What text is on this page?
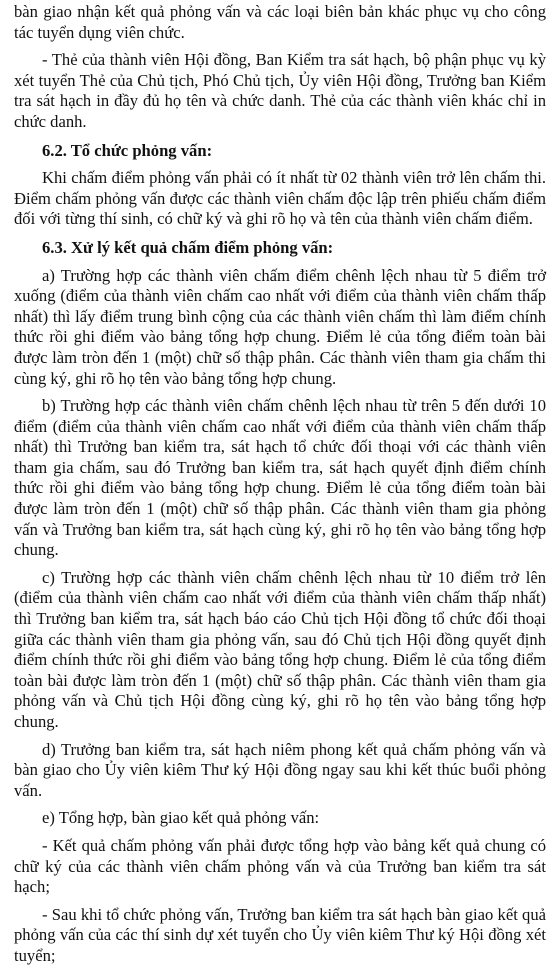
bàn giao nhận kết quả phỏng vấn và các loại biên bản khác phục vụ cho công tác tuyển dụng viên chức.

- Thẻ của thành viên Hội đồng, Ban Kiểm tra sát hạch, bộ phận phục vụ kỳ xét tuyển Thẻ của Chủ tịch, Phó Chủ tịch, Ủy viên Hội đồng, Trưởng ban Kiểm tra sát hạch in đầy đủ họ tên và chức danh. Thẻ của các thành viên khác chỉ in chức danh.

6.2. Tổ chức phỏng vấn:

Khi chấm điểm phỏng vấn phải có ít nhất từ 02 thành viên trở lên chấm thi. Điểm chấm phỏng vấn được các thành viên chấm độc lập trên phiếu chấm điểm đối với từng thí sinh, có chữ ký và ghi rõ họ và tên của thành viên chấm điểm.

6.3. Xử lý kết quả chấm điểm phỏng vấn:

a) Trường hợp các thành viên chấm điểm chênh lệch nhau từ 5 điểm trở xuống (điểm của thành viên chấm cao nhất với điểm của thành viên chấm thấp nhất) thì lấy điểm trung bình cộng của các thành viên chấm thì làm điểm chính thức rồi ghi điểm vào bảng tổng hợp chung. Điểm lẻ của tổng điểm toàn bài được làm tròn đến 1 (một) chữ số thập phân. Các thành viên tham gia chấm thi cùng ký, ghi rõ họ tên vào bảng tổng hợp chung.

b) Trường hợp các thành viên chấm chênh lệch nhau từ trên 5 đến dưới 10 điểm (điểm của thành viên chấm cao nhất với điểm của thành viên chấm thấp nhất) thì Trưởng ban kiểm tra, sát hạch tổ chức đối thoại với các thành viên tham gia chấm, sau đó Trưởng ban kiểm tra, sát hạch quyết định điểm chính thức rồi ghi điểm vào bảng tổng hợp chung. Điểm lẻ của tổng điểm toàn bài được làm tròn đến 1 (một) chữ số thập phân. Các thành viên tham gia phỏng vấn và Trưởng ban kiểm tra, sát hạch cùng ký, ghi rõ họ tên vào bảng tổng hợp chung.

c) Trường hợp các thành viên chấm chênh lệch nhau từ 10 điểm trở lên (điểm của thành viên chấm cao nhất với điểm của thành viên chấm thấp nhất) thì Trưởng ban kiểm tra, sát hạch báo cáo Chủ tịch Hội đồng tổ chức đối thoại giữa các thành viên tham gia phỏng vấn, sau đó Chủ tịch Hội đồng quyết định điểm chính thức rồi ghi điểm vào bảng tổng hợp chung. Điểm lẻ của tổng điểm toàn bài được làm tròn đến 1 (một) chữ số thập phân. Các thành viên tham gia phỏng vấn và Chủ tịch Hội đồng cùng ký, ghi rõ họ tên vào bảng tổng hợp chung.

d) Trưởng ban kiểm tra, sát hạch niêm phong kết quả chấm phỏng vấn và bàn giao cho Ủy viên kiêm Thư ký Hội đồng ngay sau khi kết thúc buổi phỏng vấn.

e) Tổng hợp, bàn giao kết quả phỏng vấn:

- Kết quả chấm phỏng vấn phải được tổng hợp vào bảng kết quả chung có chữ ký của các thành viên chấm phỏng vấn và của Trưởng ban kiểm tra sát hạch;

- Sau khi tổ chức phỏng vấn, Trưởng ban kiểm tra sát hạch bàn giao kết quả phỏng vấn của các thí sinh dự xét tuyển cho Ủy viên kiêm Thư ký Hội đồng xét tuyển;
